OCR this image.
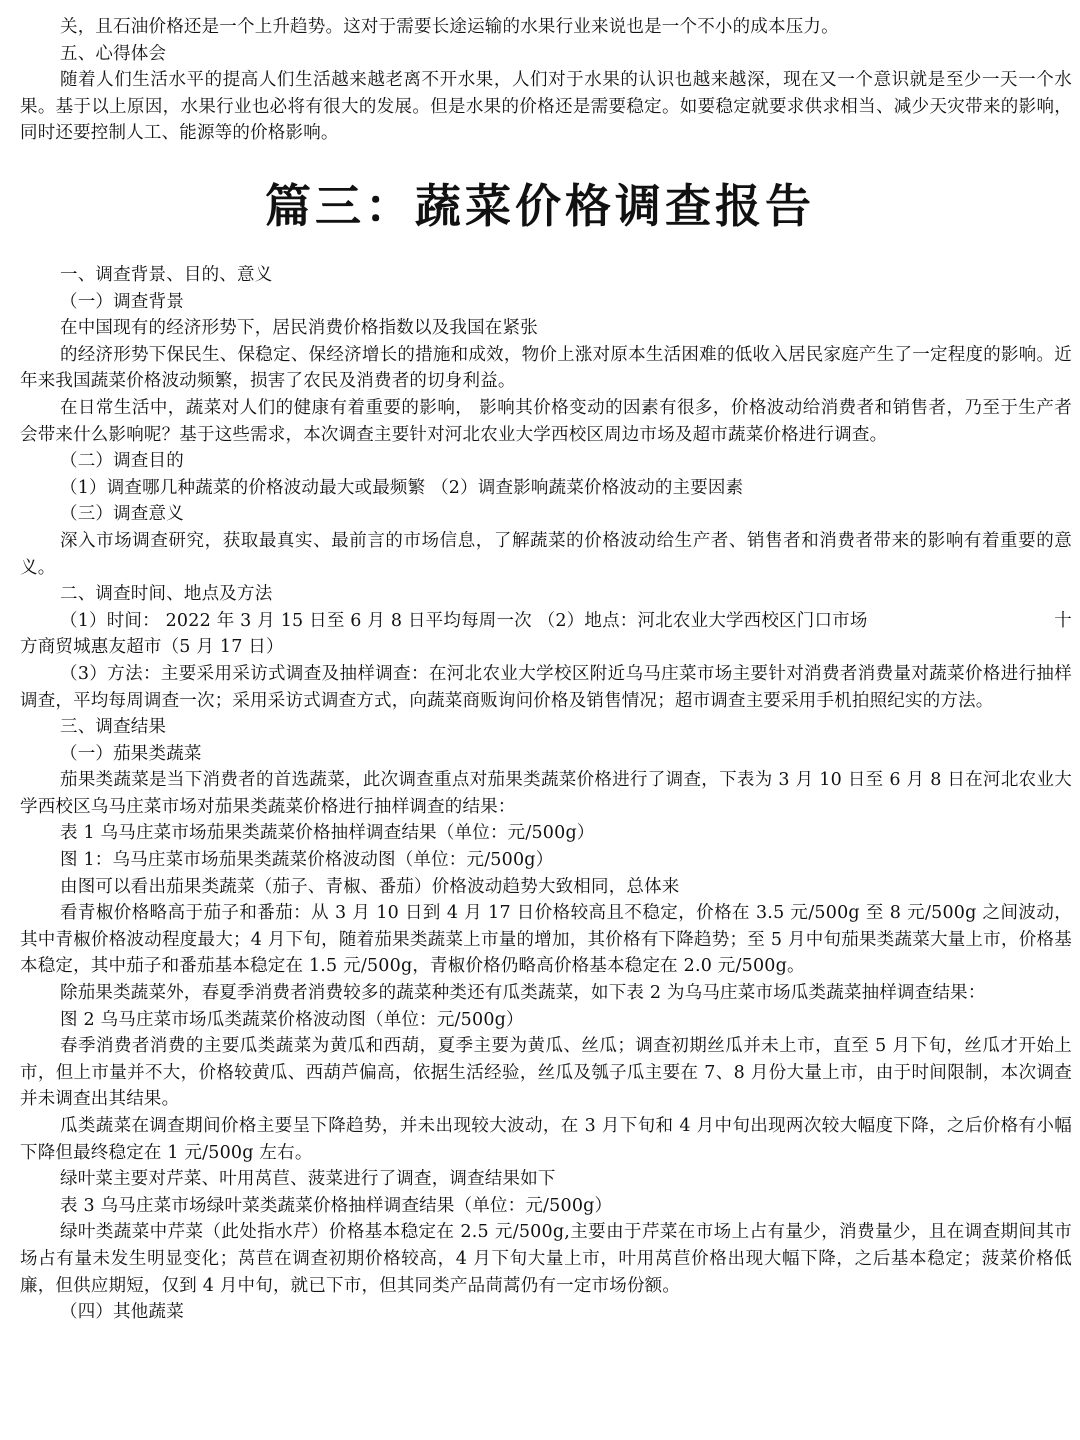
关，且石油价格还是一个上升趋势。这对于需要长途运输的水果行业来说也是一个不小的成本压力。

五、心得体会

随着人们生活水平的提高人们生活越来越老离不开水果，人们对于水果的认识也越来越深，现在又一个意识就是至少一天一个水果。基于以上原因，水果行业也必将有很大的发展。但是水果的价格还是需要稳定。如要稳定就要求供求相当、减少天灾带来的影响，同时还要控制人工、能源等的价格影响。

篇三：蔬菜价格调查报告

一、调查背景、目的、意义

（一）调查背景

在中国现有的经济形势下，居民消费价格指数以及我国在紧张

的经济形势下保民生、保稳定、保经济增长的措施和成效，物价上涨对原本生活困难的低收入居民家庭产生了一定程度的影响。近年来我国蔬菜价格波动频繁，损害了农民及消费者的切身利益。

在日常生活中，蔬菜对人们的健康有着重要的影响， 影响其价格变动的因素有很多，价格波动给消费者和销售者，乃至于生产者会带来什么影响呢？基于这些需求，本次调查主要针对河北农业大学西校区周边市场及超市蔬菜价格进行调查。

（二）调查目的

（1）调查哪几种蔬菜的价格波动最大或最频繁 （2）调查影响蔬菜价格波动的主要因素

（三）调查意义

深入市场调查研究，获取最真实、最前言的市场信息，了解蔬菜的价格波动给生产者、销售者和消费者带来的影响有着重要的意义。

二、调查时间、地点及方法

（1）时间： 2022 年 3 月 15 日至 6 月 8 日平均每周一次 （2）地点：河北农业大学西校区门口市场	十

方商贸城惠友超市（5 月 17 日）

（3）方法：主要采用采访式调查及抽样调查：在河北农业大学校区附近乌马庄菜市场主要针对消费者消费量对蔬菜价格进行抽样调查，平均每周调查一次；采用采访式调查方式，向蔬菜商贩询问价格及销售情况；超市调查主要采用手机拍照纪实的方法。

三、调查结果

（一）茄果类蔬菜

茄果类蔬菜是当下消费者的首选蔬菜，此次调查重点对茄果类蔬菜价格进行了调查，下表为 3 月 10 日至 6 月 8 日在河北农业大学西校区乌马庄菜市场对茄果类蔬菜价格进行抽样调查的结果：

表 1 乌马庄菜市场茄果类蔬菜价格抽样调查结果（单位：元/500g）

图 1：乌马庄菜市场茄果类蔬菜价格波动图（单位：元/500g）

由图可以看出茄果类蔬菜（茄子、青椒、番茄）价格波动趋势大致相同，总体来

看青椒价格略高于茄子和番茄：从 3 月 10 日到 4 月 17 日价格较高且不稳定，价格在 3.5 元/500g 至 8 元/500g 之间波动，其中青椒价格波动程度最大；4 月下旬，随着茄果类蔬菜上市量的增加，其价格有下降趋势；至 5 月中旬茄果类蔬菜大量上市，价格基本稳定，其中茄子和番茄基本稳定在 1.5 元/500g，青椒价格仍略高价格基本稳定在 2.0 元/500g。

除茄果类蔬菜外，春夏季消费者消费较多的蔬菜种类还有瓜类蔬菜，如下表 2 为乌马庄菜市场瓜类蔬菜抽样调查结果：

图 2 乌马庄菜市场瓜类蔬菜价格波动图（单位：元/500g）

春季消费者消费的主要瓜类蔬菜为黄瓜和西葫，夏季主要为黄瓜、丝瓜；调查初期丝瓜并未上市，直至 5 月下旬，丝瓜才开始上市，但上市量并不大，价格较黄瓜、西葫芦偏高，依据生活经验，丝瓜及瓠子瓜主要在 7、8 月份大量上市，由于时间限制，本次调查并未调查出其结果。

瓜类蔬菜在调查期间价格主要呈下降趋势，并未出现较大波动，在 3 月下旬和 4 月中旬出现两次较大幅度下降，之后价格有小幅下降但最终稳定在 1 元/500g 左右。

绿叶菜主要对芹菜、叶用莴苣、菠菜进行了调查，调查结果如下

表 3 乌马庄菜市场绿叶菜类蔬菜价格抽样调查结果（单位：元/500g）

绿叶类蔬菜中芹菜（此处指水芹）价格基本稳定在 2.5 元/500g,主要由于芹菜在市场上占有量少，消费量少，且在调查期间其市场占有量未发生明显变化；莴苣在调查初期价格较高，4 月下旬大量上市，叶用莴苣价格出现大幅下降，之后基本稳定；菠菜价格低廉，但供应期短，仅到 4 月中旬，就已下市，但其同类产品茼蒿仍有一定市场份额。

（四）其他蔬菜
